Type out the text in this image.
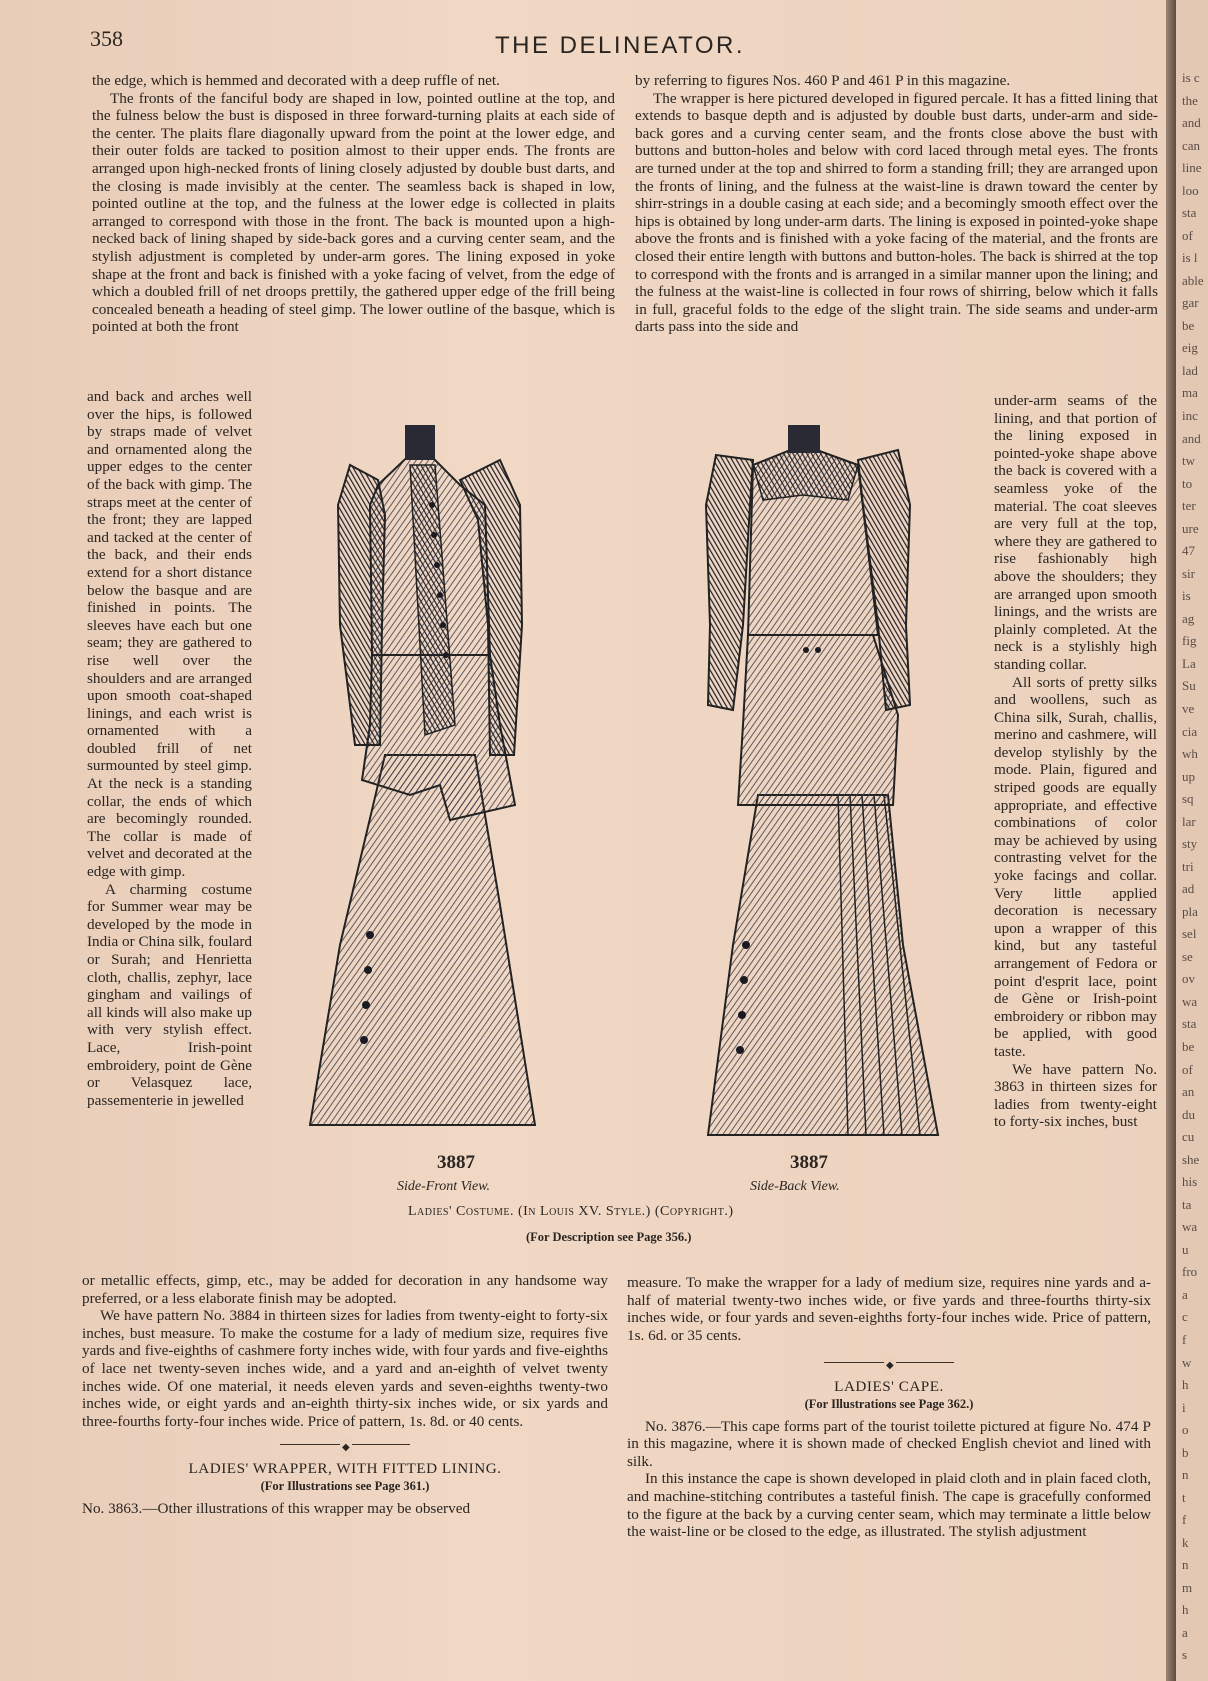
358	THE DELINEATOR.

the edge, which is hemmed and decorated with a deep ruffle of net.

The fronts of the fanciful body are shaped in low, pointed outline at the top, and the fulness below the bust is disposed in three forward-turning plaits at each side of the center. The plaits flare diagonally upward from the point at the lower edge, and their outer folds are tacked to position almost to their upper ends. The fronts are arranged upon high-necked fronts of lining closely adjusted by double bust darts, and the closing is made invisibly at the center. The seamless back is shaped in low, pointed outline at the top, and the fulness at the lower edge is collected in plaits arranged to correspond with those in the front. The back is mounted upon a high-necked back of lining shaped by side-back gores and a curving center seam, and the stylish adjustment is completed by under-arm gores. The lining exposed in yoke shape at the front and back is finished with a yoke facing of velvet, from the edge of which a doubled frill of net droops prettily, the gathered upper edge of the frill being concealed beneath a heading of steel gimp. The lower outline of the basque, which is pointed at both the front

and back and arches well over the hips, is followed by straps made of velvet and ornamented along the upper edges to the center of the back with gimp. The straps meet at the center of the front; they are lapped and tacked at the center of the back, and their ends extend for a short distance below the basque and are finished in points. The sleeves have each but one seam; they are gathered to rise well over the shoulders and are arranged upon smooth coat-shaped linings, and each wrist is ornamented with a doubled frill of net surmounted by steel gimp. At the neck is a standing collar, the ends of which are becomingly rounded. The collar is made of velvet and decorated at the edge with gimp.

A charming costume for Summer wear may be developed by the mode in India or China silk, foulard or Surah; and Henrietta cloth, challis, zephyr, lace gingham and vailings of all kinds will also make up with very stylish effect. Lace, Irish-point embroidery, point de Gène or Velasquez lace, passementerie in jewelled

by referring to figures Nos. 460 P and 461 P in this magazine.

The wrapper is here pictured developed in figured percale. It has a fitted lining that extends to basque depth and is adjusted by double bust darts, under-arm and side-back gores and a curving center seam, and the fronts close above the bust with buttons and button-holes and below with cord laced through metal eyes. The fronts are turned under at the top and shirred to form a standing frill; they are arranged upon the fronts of lining, and the fulness at the waist-line is drawn toward the center by shirr-strings in a double casing at each side; and a becomingly smooth effect over the hips is obtained by long under-arm darts. The lining is exposed in pointed-yoke shape above the fronts and is finished with a yoke facing of the material, and the fronts are closed their entire length with buttons and button-holes. The back is shirred at the top to correspond with the fronts and is arranged in a similar manner upon the lining; and the fulness at the waist-line is collected in four rows of shirring, below which it falls in full, graceful folds to the edge of the slight train. The side seams and under-arm darts pass into the side and

under-arm seams of the lining, and that portion of the lining exposed in pointed-yoke shape above the back is covered with a seamless yoke of the material. The coat sleeves are very full at the top, where they are gathered to rise fashionably high above the shoulders; they are arranged upon smooth linings, and the wrists are plainly completed. At the neck is a stylishly high standing collar.

All sorts of pretty silks and woollens, such as China silk, Surah, challis, merino and cashmere, will develop stylishly by the mode. Plain, figured and striped goods are equally appropriate, and effective combinations of color may be achieved by using contrasting velvet for the yoke facings and collar. Very little applied decoration is necessary upon a wrapper of this kind, but any tasteful arrangement of Fedora or point d'esprit lace, point de Gène or Irish-point embroidery or ribbon may be applied, with good taste.

We have pattern No. 3863 in thirteen sizes for ladies from twenty-eight to forty-six inches, bust

3887
Side-Front View.
3887
Side-Back View.
Ladies' Costume. (In Louis XV. Style.) (Copyright.)
(For Description see Page 356.)

or metallic effects, gimp, etc., may be added for decoration in any handsome way preferred, or a less elaborate finish may be adopted.

We have pattern No. 3884 in thirteen sizes for ladies from twenty-eight to forty-six inches, bust measure. To make the costume for a lady of medium size, requires five yards and five-eighths of cashmere forty inches wide, with four yards and five-eighths of lace net twenty-seven inches wide, and a yard and an-eighth of velvet twenty inches wide. Of one material, it needs eleven yards and seven-eighths twenty-two inches wide, or eight yards and an-eighth thirty-six inches wide, or six yards and three-fourths forty-four inches wide. Price of pattern, 1s. 8d. or 40 cents.

◆

LADIES' WRAPPER, WITH FITTED LINING.

(For Illustrations see Page 361.)

No. 3863.—Other illustrations of this wrapper may be observed

measure. To make the wrapper for a lady of medium size, requires nine yards and a-half of material twenty-two inches wide, or five yards and three-fourths thirty-six inches wide, or four yards and seven-eighths forty-four inches wide. Price of pattern, 1s. 6d. or 35 cents.

◆

LADIES' CAPE.

(For Illustrations see Page 362.)

No. 3876.—This cape forms part of the tourist toilette pictured at figure No. 474 P in this magazine, where it is shown made of checked English cheviot and lined with silk.

In this instance the cape is shown developed in plaid cloth and in plain faced cloth, and machine-stitching contributes a tasteful finish. The cape is gracefully conformed to the figure at the back by a curving center seam, which may terminate a little below the waist-line or be closed to the edge, as illustrated. The stylish adjustment

is c
the
and
can
line
loo
sta
of
is l
able
gar
be
eig
lad
ma
inc
and
tw
to
ter
ure
47
sir
is
ag
fig
La
Su
ve
cia
wh
up
sq
lar
sty
tri
ad
pla
sel
se
ov
wa
sta
be
of
an
du
cu
she
his
ta
wa
u
fro
a
c
f
w
h
i
o
b
n
t
f
k
n
m
h
a
s
